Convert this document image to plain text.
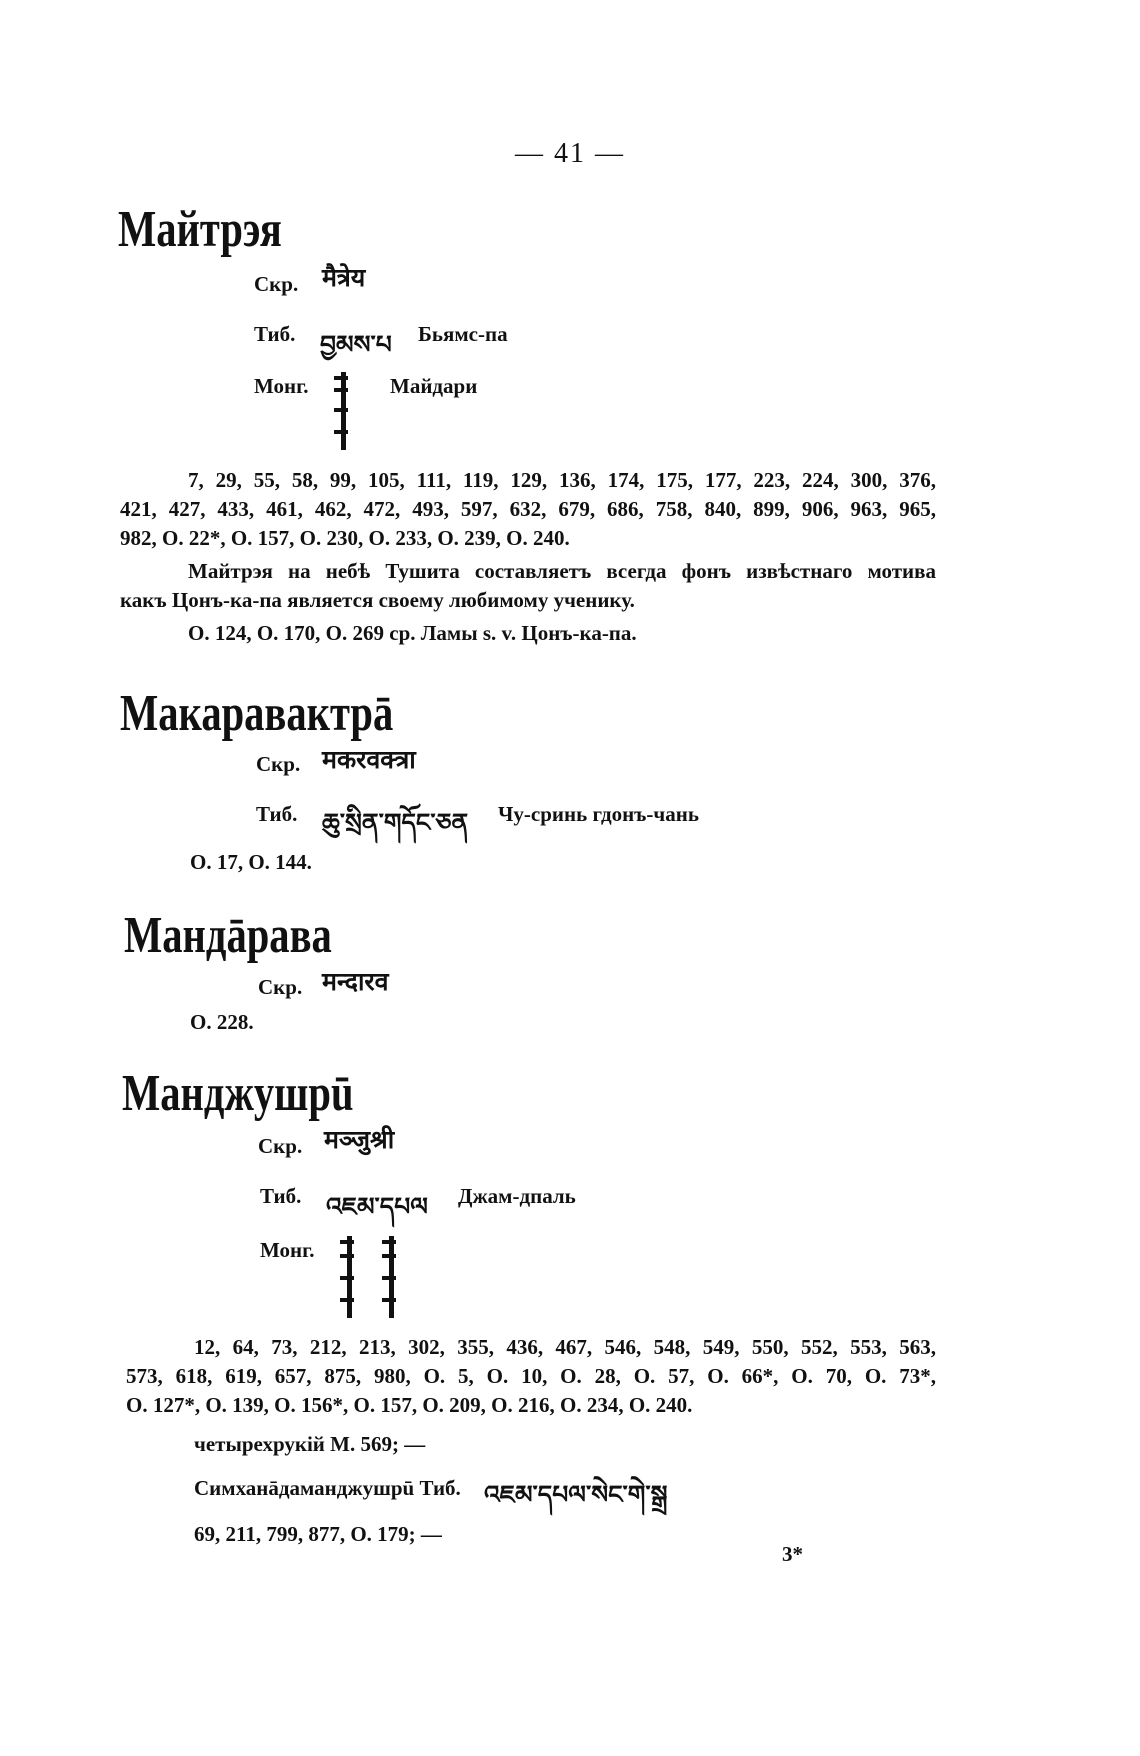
— 41 —
Майтрэя
Скр. मैत्रेय
Тиб. བྱམས་པ Бьямс-па
Монг.	Майдари
7, 29, 55, 58, 99, 105, 111, 119, 129, 136, 174, 175, 177, 223, 224, 300, 376,
421, 427, 433, 461, 462, 472, 493, 597, 632, 679, 686, 758, 840, 899, 906, 963, 965,
982, O. 22*, O. 157, O. 230, O. 233, O. 239, O. 240.
Майтрэя на небѣ Тушита составляетъ всегда фонъ извѣстнаго мотива
какъ Цонъ-ка-па является своему любимому ученику.
O. 124, O. 170, O. 269 ср. Ламы s. v. Цонъ-ка-па.
Макаравактрā
Скр. मकरवक्त्रा
Тиб. ཆུ་སྲིན་གདོང་ཅན Чу-сринь гдонъ-чань
O. 17, O. 144.
Мандāрава
Скр. मन्दारव
O. 228.
Манджушрū
Скр. मञ्जुश्री
Тиб. འཇམ་དཔལ Джам-дпаль
Монг.
12, 64, 73, 212, 213, 302, 355, 436, 467, 546, 548, 549, 550, 552, 553, 563,
573, 618, 619, 657, 875, 980, O. 5, O. 10, O. 28, O. 57, O. 66*, O. 70, O. 73*,
O. 127*, O. 139, O. 156*, O. 157, O. 209, O. 216, O. 234, O. 240.
четырехрукій M. 569; —
Симханāдаманджушрū Тиб. འཇམ་དཔལ་སེང་གེ་སྒྲ
69, 211, 799, 877, O. 179; —
3*
